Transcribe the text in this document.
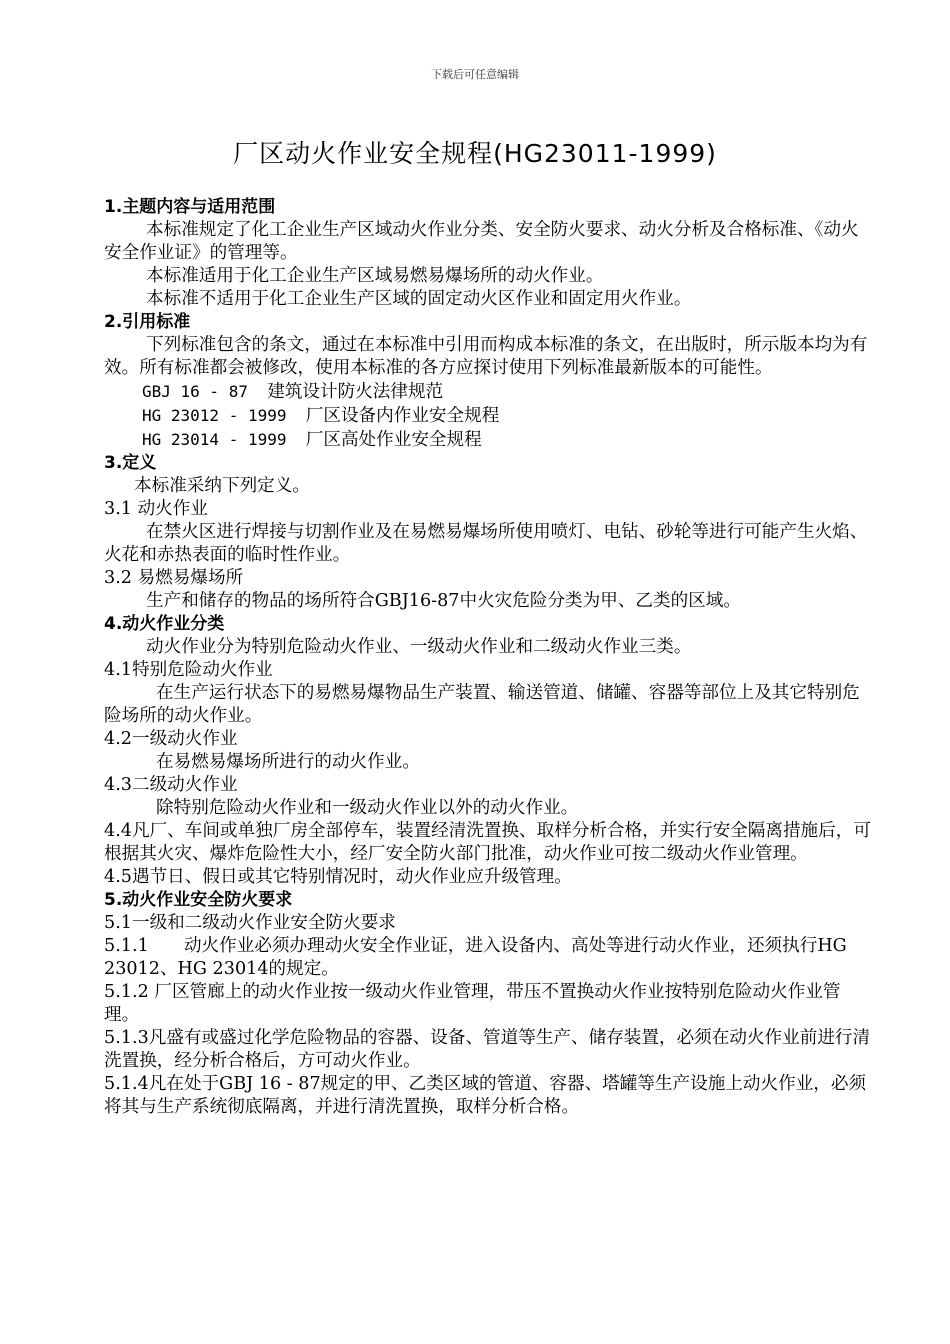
下载后可任意编辑
厂区动火作业安全规程(HG23011-1999)
1.主题内容与适用范围
本标准规定了化工企业生产区域动火作业分类、安全防火要求、动火分析及合格标准、《动火安全作业证》的管理等。
本标准适用于化工企业生产区域易燃易爆场所的动火作业。
本标准不适用于化工企业生产区域的固定动火区作业和固定用火作业。
2.引用标准
下列标准包含的条文，通过在本标准中引用而构成本标准的条文，在出版时，所示版本均为有效。所有标准都会被修改，使用本标准的各方应探讨使用下列标准最新版本的可能性。
GBJ 16 - 87 建筑设计防火法律规范
HG 23012 - 1999 厂区设备内作业安全规程
HG 23014 - 1999 厂区高处作业安全规程
3.定义
本标准采纳下列定义。
3.1 动火作业
在禁火区进行焊接与切割作业及在易燃易爆场所使用喷灯、电钻、砂轮等进行可能产生火焰、火花和赤热表面的临时性作业。
3.2 易燃易爆场所
生产和储存的物品的场所符合GBJ16-87中火灾危险分类为甲、乙类的区域。
4.动火作业分类
动火作业分为特别危险动火作业、一级动火作业和二级动火作业三类。
4.1特别危险动火作业
在生产运行状态下的易燃易爆物品生产装置、输送管道、储罐、容器等部位上及其它特别危险场所的动火作业。
4.2一级动火作业
在易燃易爆场所进行的动火作业。
4.3二级动火作业
除特别危险动火作业和一级动火作业以外的动火作业。
4.4凡厂、车间或单独厂房全部停车，装置经清洗置换、取样分析合格，并实行安全隔离措施后，可根据其火灾、爆炸危险性大小，经厂安全防火部门批准，动火作业可按二级动火作业管理。
4.5遇节日、假日或其它特别情况时，动火作业应升级管理。
5.动火作业安全防火要求
5.1一级和二级动火作业安全防火要求
5.1.1　　动火作业必须办理动火安全作业证，进入设备内、高处等进行动火作业，还须执行HG 23012、HG 23014的规定。
5.1.2 厂区管廊上的动火作业按一级动火作业管理，带压不置换动火作业按特别危险动火作业管理。
5.1.3凡盛有或盛过化学危险物品的容器、设备、管道等生产、储存装置，必须在动火作业前进行清洗置换，经分析合格后，方可动火作业。
5.1.4凡在处于GBJ 16 - 87规定的甲、乙类区域的管道、容器、塔罐等生产设施上动火作业，必须将其与生产系统彻底隔离，并进行清洗置换，取样分析合格。
